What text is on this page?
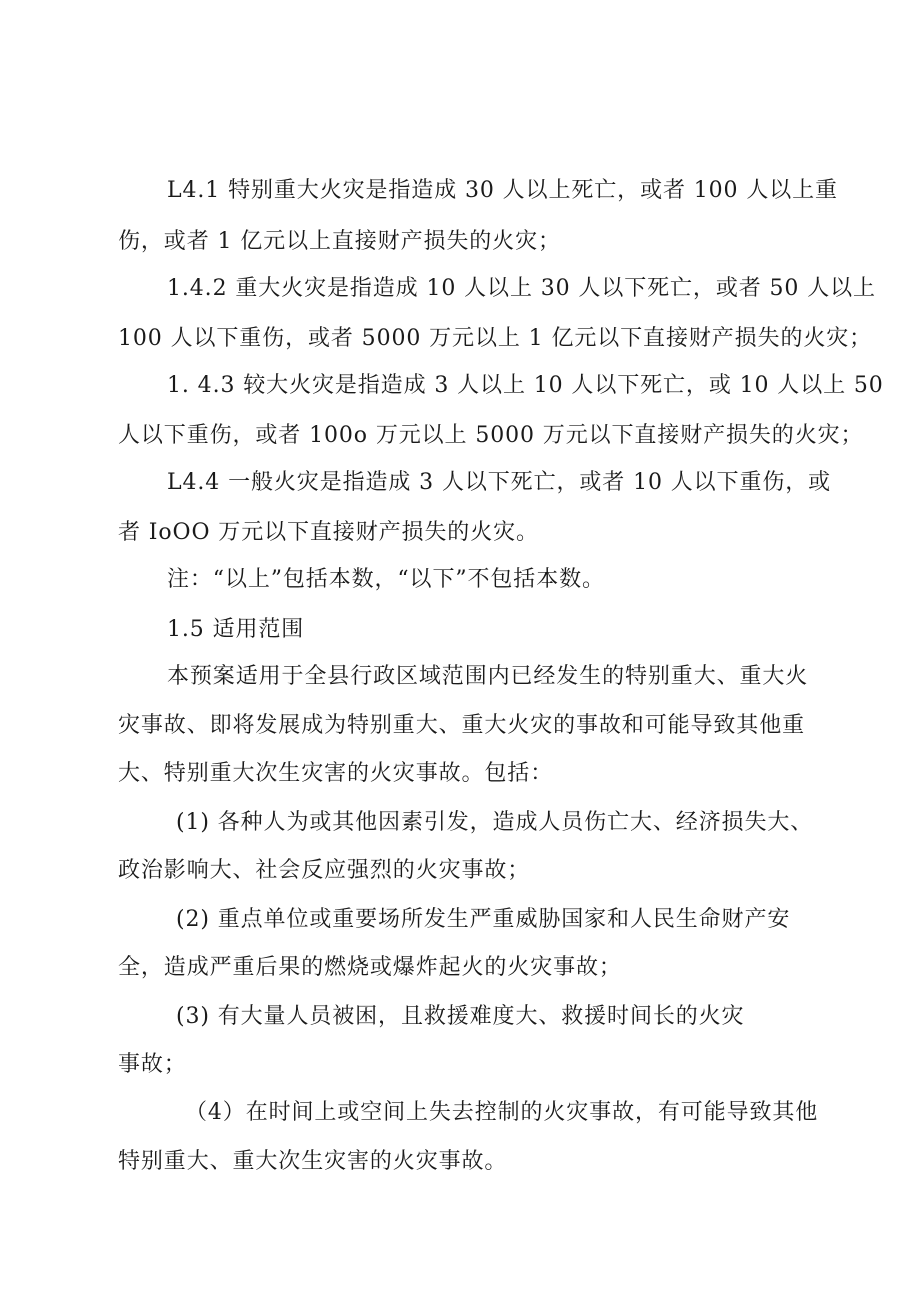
L4.1 特别重大火灾是指造成 30 人以上死亡，或者 100 人以上重
伤，或者 1 亿元以上直接财产损失的火灾；
1.4.2 重大火灾是指造成 10 人以上 30 人以下死亡，或者 50 人以上
100 人以下重伤，或者 5000 万元以上 1 亿元以下直接财产损失的火灾；
1. 4.3 较大火灾是指造成 3 人以上 10 人以下死亡，或 10 人以上 50
人以下重伤，或者 100o 万元以上 5000 万元以下直接财产损失的火灾；
L4.4 一般火灾是指造成 3 人以下死亡，或者 10 人以下重伤，或
者 IoOO 万元以下直接财产损失的火灾。
注：“以上”包括本数，“以下”不包括本数。
1.5 适用范围
本预案适用于全县行政区域范围内已经发生的特别重大、重大火
灾事故、即将发展成为特别重大、重大火灾的事故和可能导致其他重
大、特别重大次生灾害的火灾事故。包括：
(1) 各种人为或其他因素引发，造成人员伤亡大、经济损失大、
政治影响大、社会反应强烈的火灾事故；
(2) 重点单位或重要场所发生严重威胁国家和人民生命财产安
全，造成严重后果的燃烧或爆炸起火的火灾事故；
(3) 有大量人员被困，且救援难度大、救援时间长的火灾
事故；
（4）在时间上或空间上失去控制的火灾事故，有可能导致其他
特别重大、重大次生灾害的火灾事故。
